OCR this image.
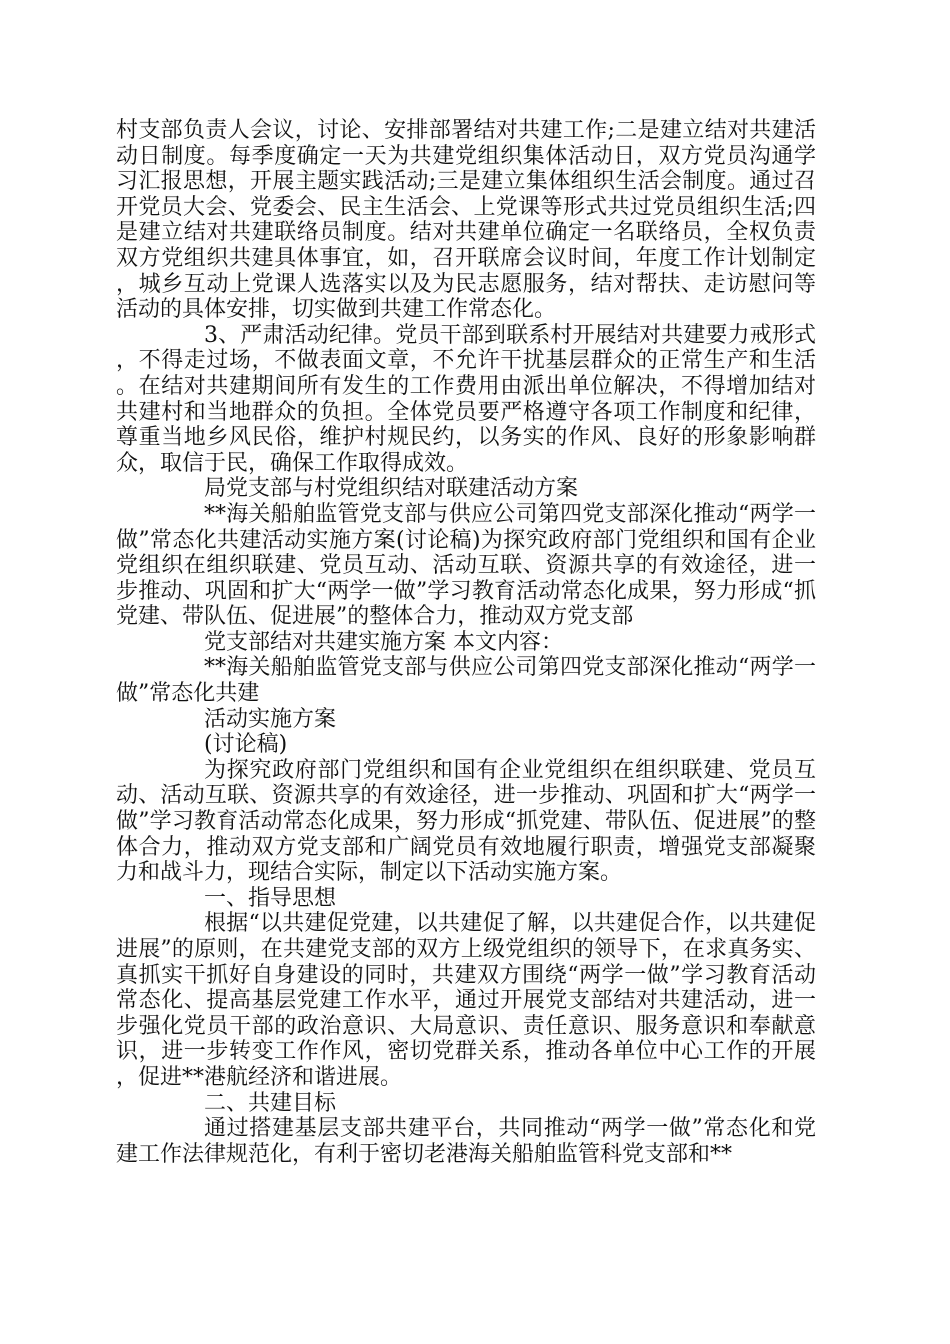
村支部负责人会议，讨论、安排部署结对共建工作;二是建立结对共建活动日制度。每季度确定一天为共建党组织集体活动日，双方党员沟通学习汇报思想，开展主题实践活动;三是建立集体组织生活会制度。通过召开党员大会、党委会、民主生活会、上党课等形式共过党员组织生活;四是建立结对共建联络员制度。结对共建单位确定一名联络员，全权负责双方党组织共建具体事宜，如，召开联席会议时间，年度工作计划制定，城乡互动上党课人选落实以及为民志愿服务，结对帮扶、走访慰问等活动的具体安排，切实做到共建工作常态化。

3、严肃活动纪律。党员干部到联系村开展结对共建要力戒形式，不得走过场，不做表面文章，不允许干扰基层群众的正常生产和生活。在结对共建期间所有发生的工作费用由派出单位解决，不得增加结对共建村和当地群众的负担。全体党员要严格遵守各项工作制度和纪律，尊重当地乡风民俗，维护村规民约，以务实的作风、良好的形象影响群众，取信于民，确保工作取得成效。

局党支部与村党组织结对联建活动方案

**海关船舶监管党支部与供应公司第四党支部深化推动“两学一做”常态化共建活动实施方案(讨论稿)为探究政府部门党组织和国有企业党组织在组织联建、党员互动、活动互联、资源共享的有效途径，进一步推动、巩固和扩大“两学一做”学习教育活动常态化成果，努力形成“抓党建、带队伍、促进展”的整体合力，推动双方党支部

党支部结对共建实施方案 本文内容：

**海关船舶监管党支部与供应公司第四党支部深化推动“两学一做”常态化共建

活动实施方案

(讨论稿)

为探究政府部门党组织和国有企业党组织在组织联建、党员互动、活动互联、资源共享的有效途径，进一步推动、巩固和扩大“两学一做”学习教育活动常态化成果，努力形成“抓党建、带队伍、促进展”的整体合力，推动双方党支部和广阔党员有效地履行职责，增强党支部凝聚力和战斗力，现结合实际，制定以下活动实施方案。

一、指导思想

根据“以共建促党建，以共建促了解，以共建促合作，以共建促进展”的原则，在共建党支部的双方上级党组织的领导下，在求真务实、真抓实干抓好自身建设的同时，共建双方围绕“两学一做”学习教育活动常态化、提高基层党建工作水平，通过开展党支部结对共建活动，进一步强化党员干部的政治意识、大局意识、责任意识、服务意识和奉献意识，进一步转变工作作风，密切党群关系，推动各单位中心工作的开展，促进**港航经济和谐进展。

二、共建目标

通过搭建基层支部共建平台，共同推动“两学一做”常态化和党建工作法律规范化，有利于密切老港海关船舶监管科党支部和**
